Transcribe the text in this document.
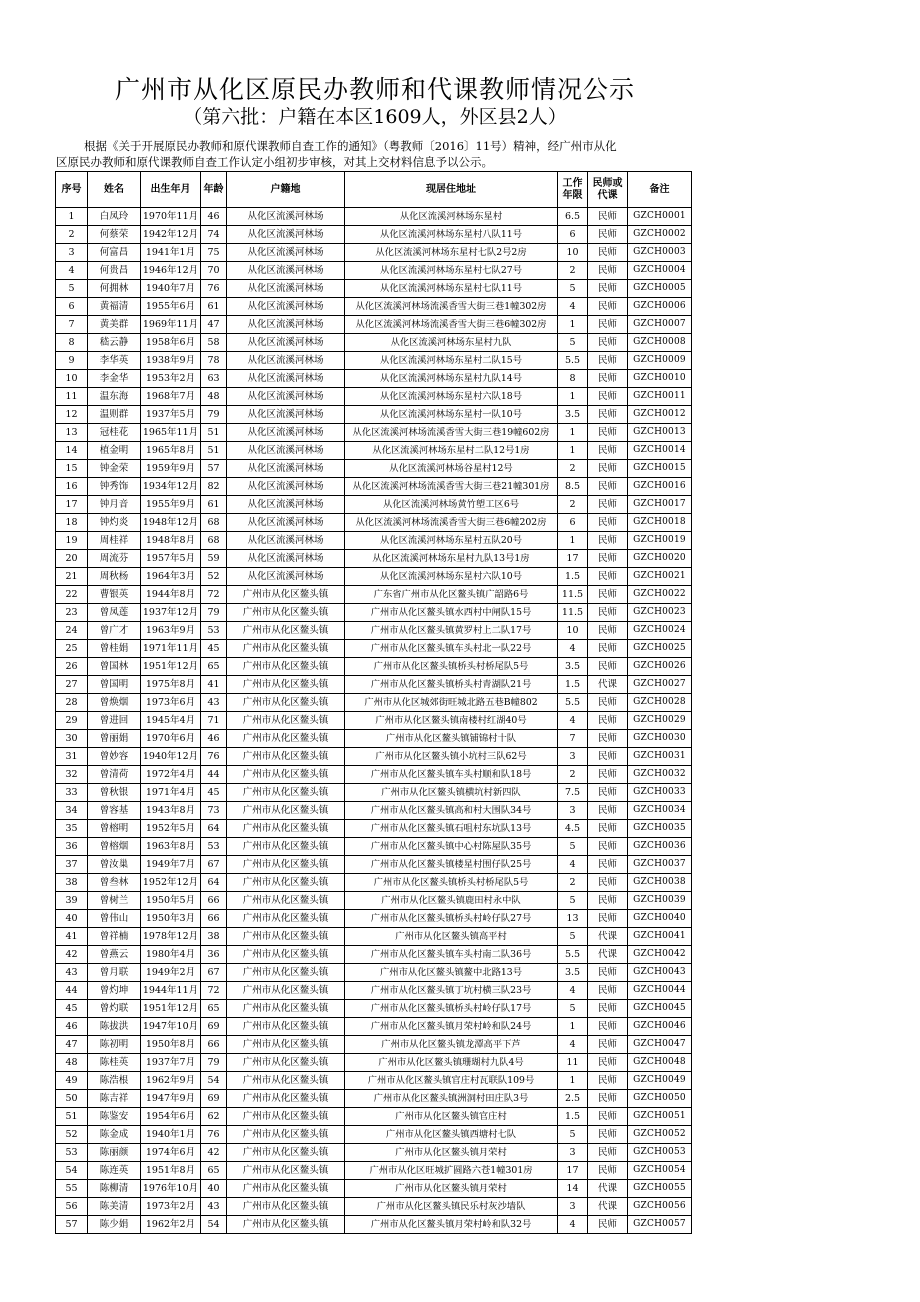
广州市从化区原民办教师和代课教师情况公示
（第六批：户籍在本区1609人，外区县2人）
根据《关于开展原民办教师和原代课教师自查工作的通知》（粤教师〔2016〕11号）精神，经广州市从化
区原民办教师和原代课教师自查工作认定小组初步审核，对其上交材料信息予以公示。
序号	姓名	出生年月	年龄	户籍地	现居住地址	工作年限	民师或代课	备注
1	白凤玲	1970年11月	46	从化区流溪河林场	从化区流溪河林场东星村	6.5	民师	GZCH0001
2	何蔡荣	1942年12月	74	从化区流溪河林场	从化区流溪河林场东星村八队11号	6	民师	GZCH0002
3	何富昌	1941年1月	75	从化区流溪河林场	从化区流溪河林场东星村七队2号2房	10	民师	GZCH0003
4	何贵昌	1946年12月	70	从化区流溪河林场	从化区流溪河林场东星村七队27号	2	民师	GZCH0004
5	何拥林	1940年7月	76	从化区流溪河林场	从化区流溪河林场东星村七队11号	5	民师	GZCH0005
6	黄福清	1955年6月	61	从化区流溪河林场	从化区流溪河林场流溪香雪大街三巷1幢302房	4	民师	GZCH0006
7	黄美群	1969年11月	47	从化区流溪河林场	从化区流溪河林场流溪香雪大街三巷6幢302房	1	民师	GZCH0007
8	嵇云静	1958年6月	58	从化区流溪河林场	从化区流溪河林场东星村九队	5	民师	GZCH0008
9	李华英	1938年9月	78	从化区流溪河林场	从化区流溪河林场东星村二队15号	5.5	民师	GZCH0009
10	李金华	1953年2月	63	从化区流溪河林场	从化区流溪河林场东星村九队14号	8	民师	GZCH0010
11	温东海	1968年7月	48	从化区流溪河林场	从化区流溪河林场东星村六队18号	1	民师	GZCH0011
12	温则群	1937年5月	79	从化区流溪河林场	从化区流溪河林场东星村一队10号	3.5	民师	GZCH0012
13	冠桂花	1965年11月	51	从化区流溪河林场	从化区流溪河林场流溪香雪大街三巷19幢602房	1	民师	GZCH0013
14	植金明	1965年8月	51	从化区流溪河林场	从化区流溪河林场东星村二队12号1房	1	民师	GZCH0014
15	钟金荣	1959年9月	57	从化区流溪河林场	从化区流溪河林场谷星村12号	2	民师	GZCH0015
16	钟秀饰	1934年12月	82	从化区流溪河林场	从化区流溪河林场流溪香雪大街三巷21幢301房	8.5	民师	GZCH0016
17	钟月音	1955年9月	61	从化区流溪河林场	从化区流溪河林场黄竹塱工区6号	2	民师	GZCH0017
18	钟灼炎	1948年12月	68	从化区流溪河林场	从化区流溪河林场流溪香雪大街三巷6幢202房	6	民师	GZCH0018
19	周桂祥	1948年8月	68	从化区流溪河林场	从化区流溪河林场东星村五队20号	1	民师	GZCH0019
20	周流芬	1957年5月	59	从化区流溪河林场	从化区流溪河林场东星村九队13号1房	17	民师	GZCH0020
21	周秋杨	1964年3月	52	从化区流溪河林场	从化区流溪河林场东星村六队10号	1.5	民师	GZCH0021
22	曹银英	1944年8月	72	广州市从化区鳌头镇	广东省广州市从化区鳌头镇广韶路6号	11.5	民师	GZCH0022
23	曾凤莲	1937年12月	79	广州市从化区鳌头镇	广州市从化区鳌头镇水西村中闸队15号	11.5	民师	GZCH0023
24	曾广才	1963年9月	53	广州市从化区鳌头镇	广州市从化区鳌头镇黄罗村上二队17号	10	民师	GZCH0024
25	曾桂娟	1971年11月	45	广州市从化区鳌头镇	广州市从化区鳌头镇车头村北一队22号	4	民师	GZCH0025
26	曾国林	1951年12月	65	广州市从化区鳌头镇	广州市从化区鳌头镇桥头村桥尾队5号	3.5	民师	GZCH0026
27	曾国明	1975年8月	41	广州市从化区鳌头镇	广州市从化区鳌头镇桥头村青湖队21号	1.5	代课	GZCH0027
28	曾焕烟	1973年6月	43	广州市从化区鳌头镇	广州市从化区城郊街旺城北路五巷B幢802	5.5	民师	GZCH0028
29	曾进回	1945年4月	71	广州市从化区鳌头镇	广州市从化区鳌头镇南楼村红湖40号	4	民师	GZCH0029
30	曾丽娟	1970年6月	46	广州市从化区鳌头镇	广州市从化区鳌头镇铺锦村十队	7	民师	GZCH0030
31	曾妙容	1940年12月	76	广州市从化区鳌头镇	广州市从化区鳌头镇小坑村三队62号	3	民师	GZCH0031
32	曾清荷	1972年4月	44	广州市从化区鳌头镇	广州市从化区鳌头镇车头村顺和队18号	2	民师	GZCH0032
33	曾秋银	1971年4月	45	广州市从化区鳌头镇	广州市从化区鳌头镇横坑村新四队	7.5	民师	GZCH0033
34	曾容基	1943年8月	73	广州市从化区鳌头镇	广州市从化区鳌头镇高和村大围队34号	3	民师	GZCH0034
35	曾榕明	1952年5月	64	广州市从化区鳌头镇	广州市从化区鳌头镇石咀村东坑队13号	4.5	民师	GZCH0035
36	曾榕烟	1963年8月	53	广州市从化区鳌头镇	广州市从化区鳌头镇中心村陈屋队35号	5	民师	GZCH0036
37	曾汝巢	1949年7月	67	广州市从化区鳌头镇	广州市从化区鳌头镇楼星村围仔队25号	4	民师	GZCH0037
38	曾叁林	1952年12月	64	广州市从化区鳌头镇	广州市从化区鳌头镇桥头村桥尾队5号	2	民师	GZCH0038
39	曾树兰	1950年5月	66	广州市从化区鳌头镇	广州市从化区鳌头镇鹿田村永中队	5	民师	GZCH0039
40	曾伟山	1950年3月	66	广州市从化区鳌头镇	广州市从化区鳌头镇桥头村岭仔队27号	13	民师	GZCH0040
41	曾祥楠	1978年12月	38	广州市从化区鳌头镇	广州市从化区鳌头镇高平村	5	代课	GZCH0041
42	曾燕云	1980年4月	36	广州市从化区鳌头镇	广州市从化区鳌头镇车头村南二队36号	5.5	代课	GZCH0042
43	曾月联	1949年2月	67	广州市从化区鳌头镇	广州市从化区鳌头镇鳌中北路13号	3.5	民师	GZCH0043
44	曾灼坤	1944年11月	72	广州市从化区鳌头镇	广州市从化区鳌头镇丁坑村横三队23号	4	民师	GZCH0044
45	曾灼联	1951年12月	65	广州市从化区鳌头镇	广州市从化区鳌头镇桥头村岭仔队17号	5	民师	GZCH0045
46	陈拔洪	1947年10月	69	广州市从化区鳌头镇	广州市从化区鳌头镇月荣村岭和队24号	1	民师	GZCH0046
47	陈初明	1950年8月	66	广州市从化区鳌头镇	广州市从化区鳌头镇龙潭高平下芦	4	民师	GZCH0047
48	陈桂英	1937年7月	79	广州市从化区鳌头镇	广州市从化区鳌头镇珊瑚村九队4号	11	民师	GZCH0048
49	陈浩根	1962年9月	54	广州市从化区鳌头镇	广州市从化区鳌头镇官庄村瓦联队109号	1	民师	GZCH0049
50	陈吉祥	1947年9月	69	广州市从化区鳌头镇	广州市从化区鳌头镇洲洞村田庄队3号	2.5	民师	GZCH0050
51	陈鉴安	1954年6月	62	广州市从化区鳌头镇	广州市从化区鳌头镇官庄村	1.5	民师	GZCH0051
52	陈金成	1940年1月	76	广州市从化区鳌头镇	广州市从化区鳌头镇西塘村七队	5	民师	GZCH0052
53	陈丽颜	1974年6月	42	广州市从化区鳌头镇	广州市从化区鳌头镇月荣村	3	民师	GZCH0053
54	陈连英	1951年8月	65	广州市从化区鳌头镇	广州市从化区旺城扩圆路六苍1幢301房	17	民师	GZCH0054
55	陈柳清	1976年10月	40	广州市从化区鳌头镇	广州市从化区鳌头镇月荣村	14	代课	GZCH0055
56	陈美清	1973年2月	43	广州市从化区鳌头镇	广州市从化区鳌头镇民乐村灰沙墙队	3	代课	GZCH0056
57	陈少娟	1962年2月	54	广州市从化区鳌头镇	广州市从化区鳌头镇月荣村岭和队32号	4	民师	GZCH0057
